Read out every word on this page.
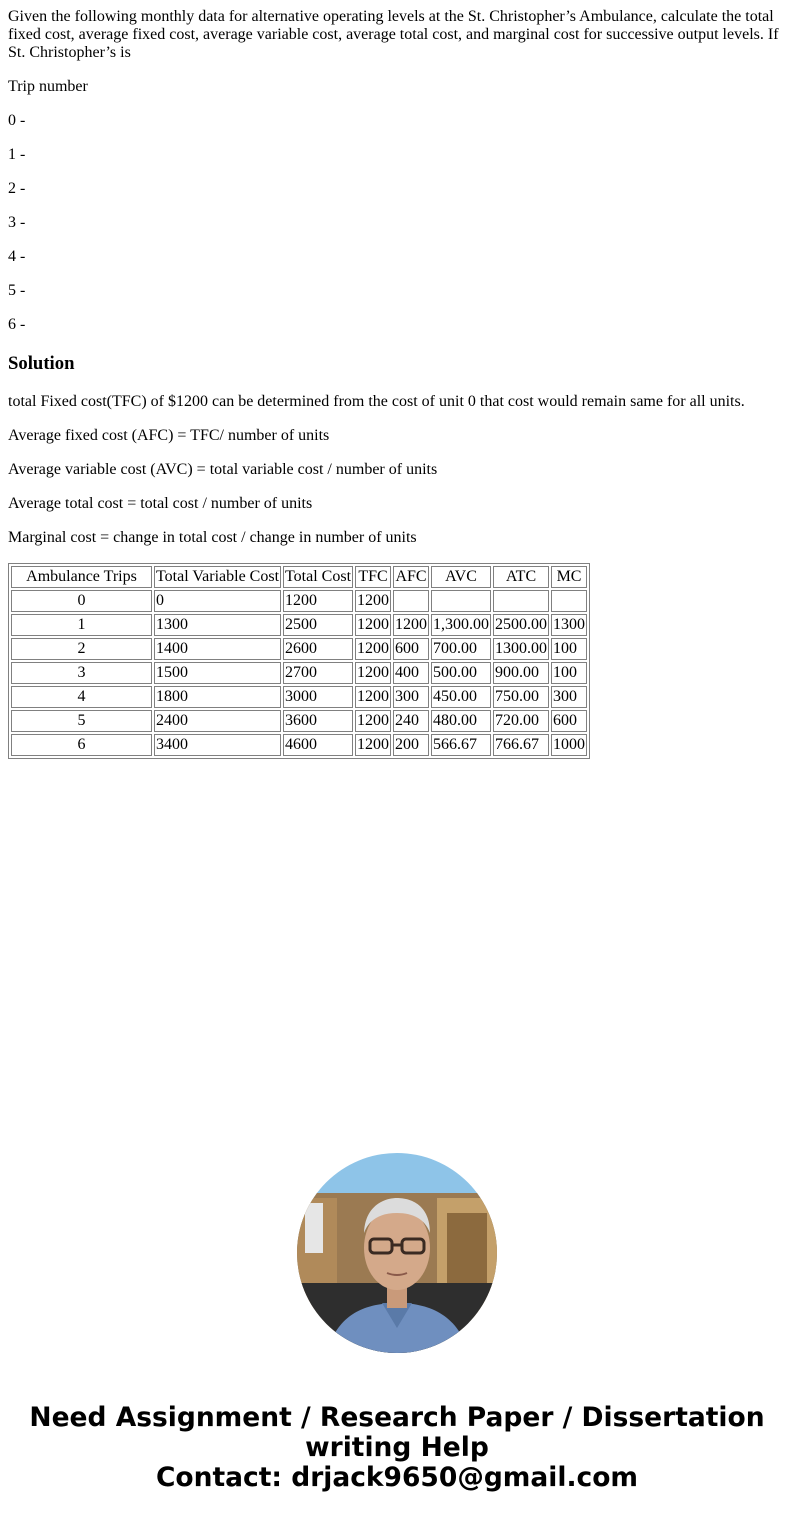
Given the following monthly data for alternative operating levels at the St. Christopher’s Ambulance, calculate the total fixed cost, average fixed cost, average variable cost, average total cost, and marginal cost for successive output levels. If St. Christopher’s is

Trip number

0 -

1 -

2 -

3 -

4 -

5 -

6 -

Solution

total Fixed cost(TFC) of $1200 can be determined from the cost of unit 0 that cost would remain same for all units.

Average fixed cost (AFC) = TFC/ number of units

Average variable cost (AVC) = total variable cost / number of units

Average total cost = total cost / number of units

Marginal cost = change in total cost / change in number of units

Ambulance Trips	Total Variable Cost	Total Cost	TFC	AFC	AVC	ATC	MC
0	0	1200	1200				
1	1300	2500	1200	1200	1,300.00	2500.00	1300
2	1400	2600	1200	600	700.00	1300.00	100
3	1500	2700	1200	400	500.00	900.00	100
4	1800	3000	1200	300	450.00	750.00	300
5	2400	3600	1200	240	480.00	720.00	600
6	3400	4600	1200	200	566.67	766.67	1000
Need Assignment / Research Paper / Dissertation
writing Help
Contact: drjack9650@gmail.com
